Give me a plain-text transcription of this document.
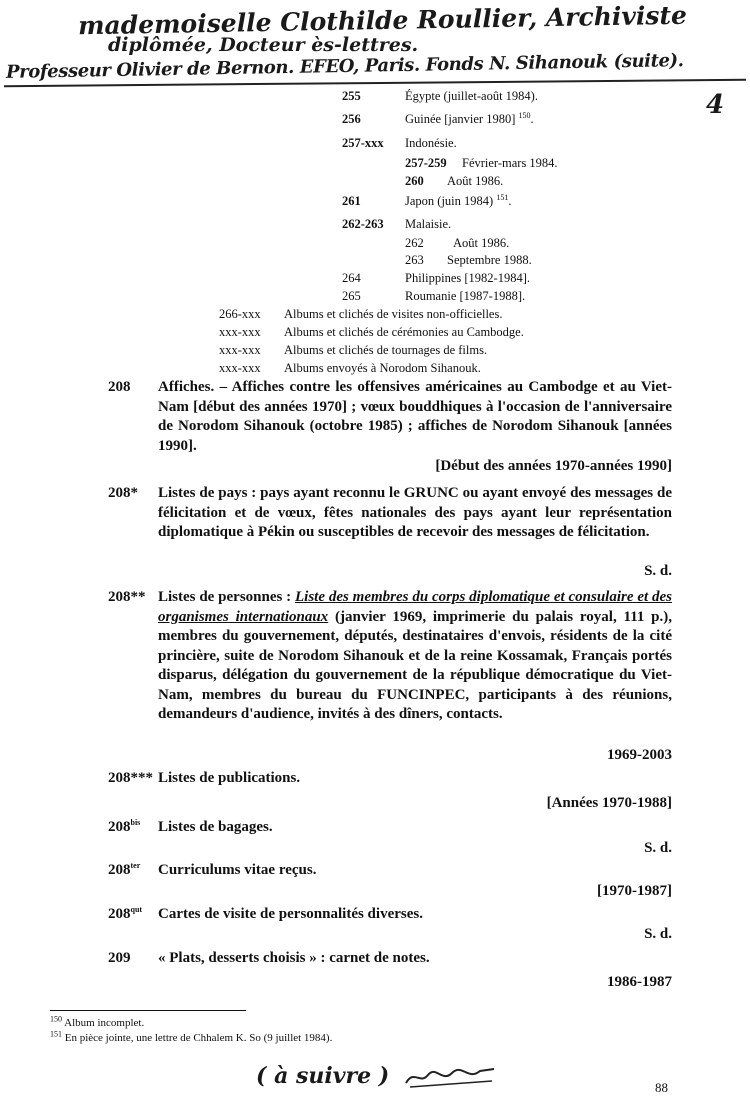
mademoiselle Clothilde Roullier, Archiviste
diplômée, Docteur ès-lettres.
Professeur Olivier de Bernon. EFEO, Paris. Fonds N. Sihanouk (suite).
4
255	Égypte (juillet-août 1984).
256	Guinée [janvier 1980] $^{150}$.
257-xxx Indonésie.
257-259 Février-mars 1984.
260 Août 1986.
261	Japon (juin 1984) $^{151}$.
262-263 Malaisie.
262 Août 1986.
263 Septembre 1988.
264	Philippines [1982-1984].
265	Roumanie [1987-1988].
266-xxx Albums et clichés de visites non-officielles.
xxx-xxx Albums et clichés de cérémonies au Cambodge.
xxx-xxx Albums et clichés de tournages de films.
xxx-xxx Albums envoyés à Norodom Sihanouk.
208 Affiches. – Affiches contre les offensives américaines au Cambodge et au Viet-Nam [début des années 1970] ; vœux bouddhiques à l'occasion de l'anniversaire de Norodom Sihanouk (octobre 1985) ; affiches de Norodom Sihanouk [années 1990].
[Début des années 1970-années 1990]
208* Listes de pays : pays ayant reconnu le GRUNC ou ayant envoyé des messages de félicitation et de vœux, fêtes nationales des pays ayant leur représentation diplomatique à Pékin ou susceptibles de recevoir des messages de félicitation.
S. d.
208** Listes de personnes : Liste des membres du corps diplomatique et consulaire et des organismes internationaux (janvier 1969, imprimerie du palais royal, 111 p.), membres du gouvernement, députés, destinataires d'envois, résidents de la cité princière, suite de Norodom Sihanouk et de la reine Kossamak, Français portés disparus, délégation du gouvernement de la république démocratique du Viet-Nam, membres du bureau du FUNCINPEC, participants à des réunions, demandeurs d'audience, invités à des dîners, contacts.
1969-2003
208*** Listes de publications.
[Années 1970-1988]
$208^{bis}$ Listes de bagages.
S. d.
$208^{ter}$ Curriculums vitae reçus.
[1970-1987]
$208^{qut}$ Cartes de visite de personnalités diverses.
S. d.
209 « Plats, desserts choisis » : carnet de notes.
1986-1987
$^{150}$ Album incomplet.
$^{151}$ En pièce jointe, une lettre de Chhalem K. So (9 juillet 1984).
( à suivre )	88
